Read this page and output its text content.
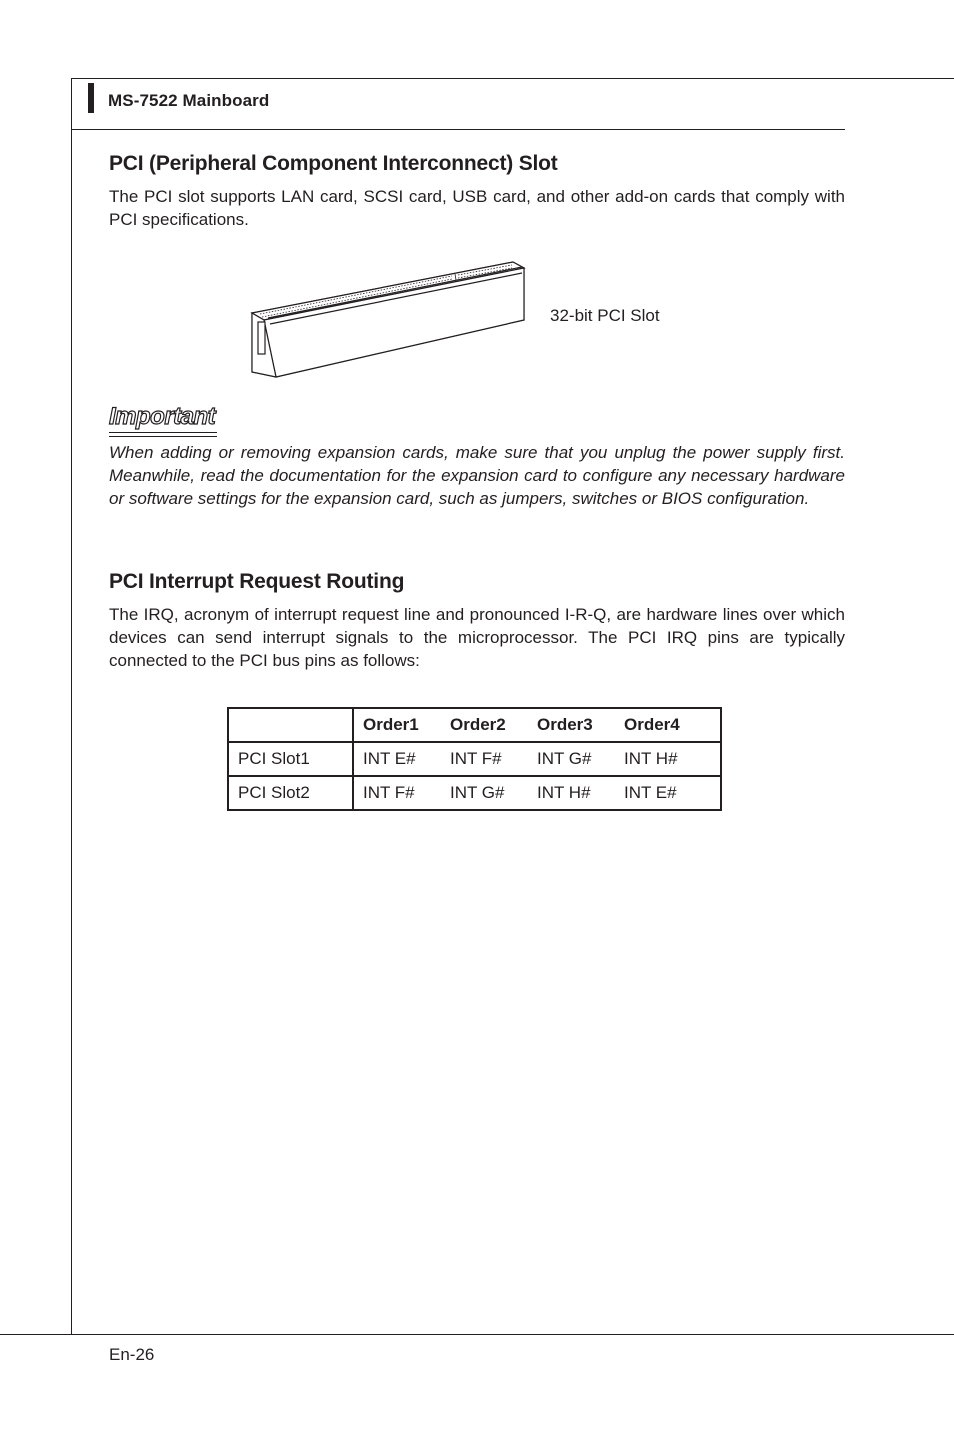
MS-7522 Mainboard
PCI (Peripheral Component Interconnect) Slot

The PCI slot supports LAN card, SCSI card, USB card, and other add-on cards that comply with PCI specifications.

32-bit PCI Slot
Important

When adding or removing expansion cards, make sure that you unplug the power supply first. Meanwhile, read the documentation for the expansion card to configure any necessary hardware or software settings for the expansion card, such as jumpers, switches or BIOS configuration.

PCI Interrupt Request Routing

The IRQ, acronym of interrupt request line and pronounced I-R-Q, are hardware lines over which devices can send interrupt signals to the microprocessor. The PCI IRQ pins are typically connected to the PCI bus pins as follows:

	Order1	Order2	Order3	Order4
PCI Slot1	INT E#	INT F#	INT G#	INT H#
PCI Slot2	INT F#	INT G#	INT H#	INT E#
En-26
